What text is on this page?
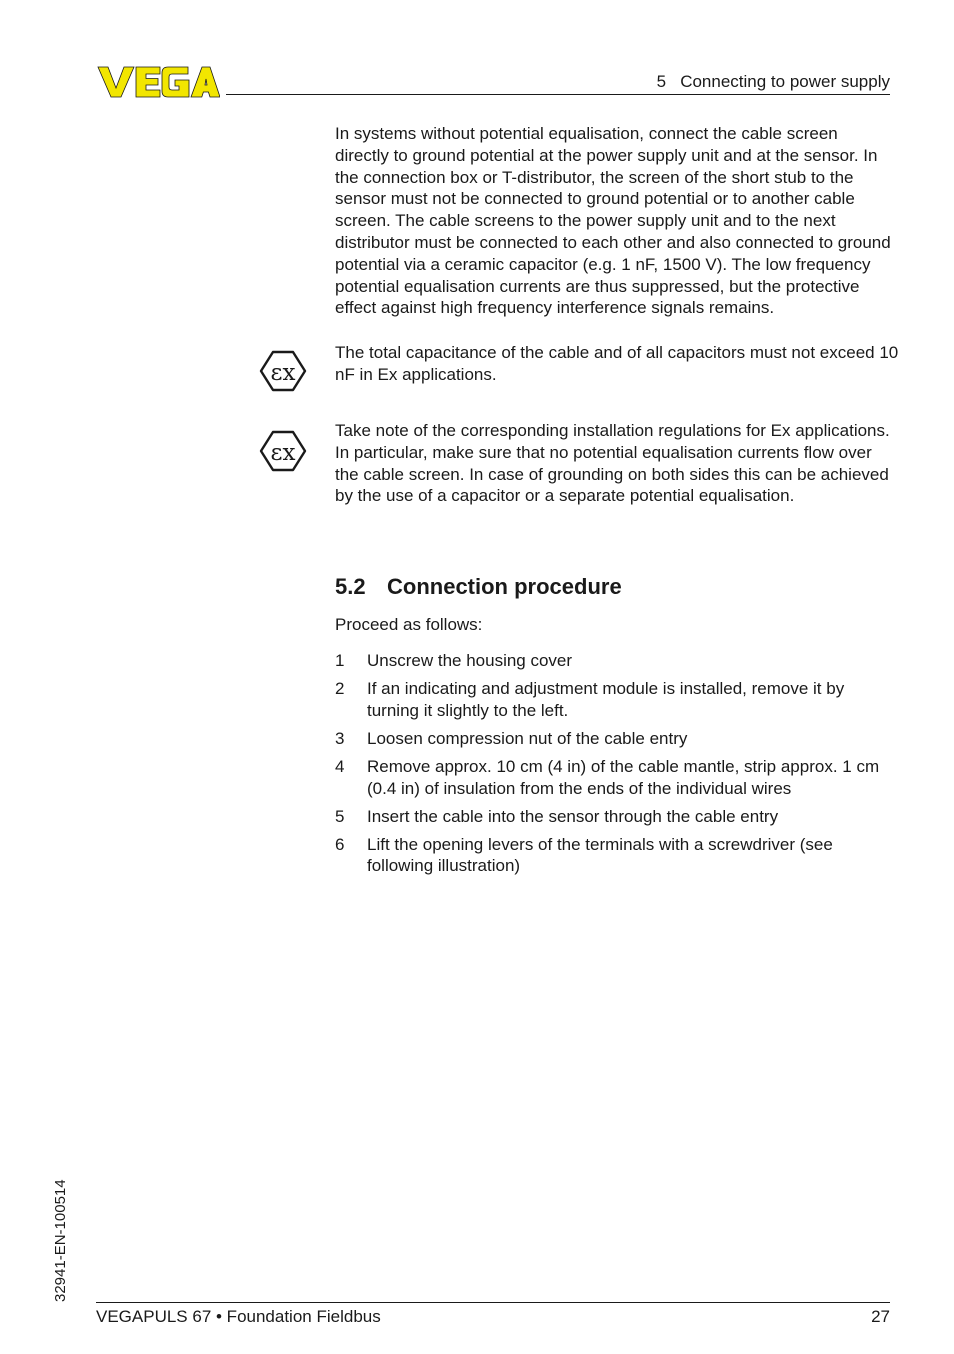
5   Connecting to power supply
In systems without potential equalisation, connect the cable screen directly to ground potential at the power supply unit and at the sensor. In the connection box or T-distributor, the screen of the short stub to the sensor must not be connected to ground potential or to another cable screen. The cable screens to the power supply unit and to the next distributor must be connected to each other and also connected to ground potential via a ceramic capacitor (e.g. 1 nF, 1500 V). The low frequency potential equalisation currents are thus suppressed, but the protective effect against high frequency interference signals remains.
εx
The total capacitance of the cable and of all capacitors must not exceed 10 nF in Ex applications.
εx
Take note of the corresponding installation regulations for Ex applications. In particular, make sure that no potential equalisation currents flow over the cable screen. In case of grounding on both sides this can be achieved by the use of a capacitor or a separate potential equalisation.
5.2 Connection procedure
Proceed as follows:
1	Unscrew the housing cover
2	If an indicating and adjustment module is installed, remove it by turning it slightly to the left.
3	Loosen compression nut of the cable entry
4	Remove approx. 10 cm (4 in) of the cable mantle, strip approx. 1 cm (0.4 in) of insulation from the ends of the individual wires
5	Insert the cable into the sensor through the cable entry
6	Lift the opening levers of the terminals with a screwdriver (see following illustration)
32941-EN-100514
VEGAPULS 67 • Foundation Fieldbus	27
